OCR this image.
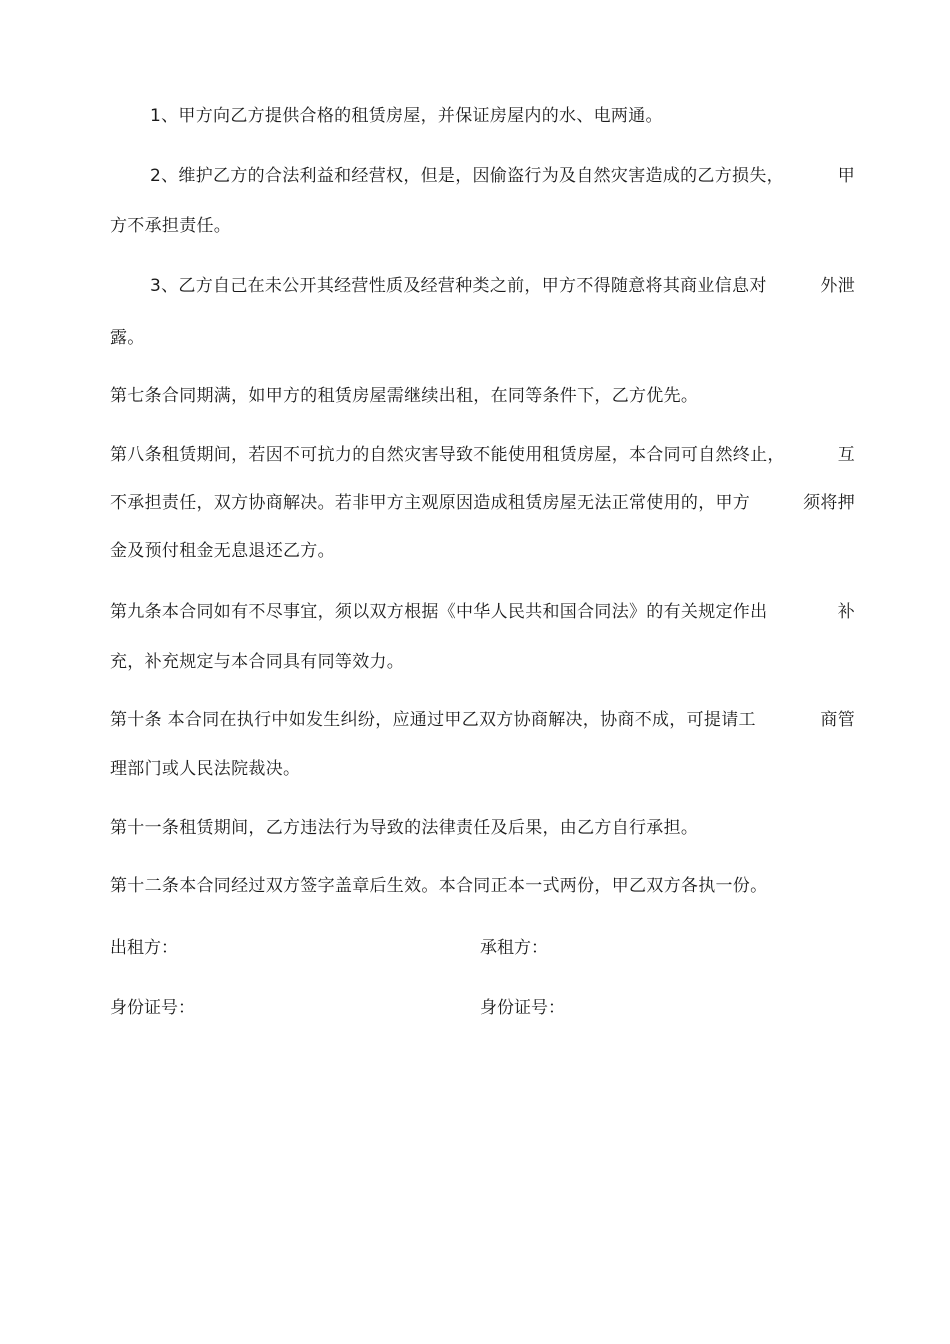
1、甲方向乙方提供合格的租赁房屋，并保证房屋内的水、电两通。
2、维护乙方的合法利益和经营权，但是，因偷盗行为及自然灾害造成的乙方损失，	甲
方不承担责任。
3、乙方自己在未公开其经营性质及经营种类之前，甲方不得随意将其商业信息对	外泄
露。
第七条合同期满，如甲方的租赁房屋需继续出租，在同等条件下，乙方优先。
第八条租赁期间，若因不可抗力的自然灾害导致不能使用租赁房屋，本合同可自然终止，	互
不承担责任，双方协商解决。若非甲方主观原因造成租赁房屋无法正常使用的，甲方	须将押
金及预付租金无息退还乙方。
第九条本合同如有不尽事宜，须以双方根据《中华人民共和国合同法》的有关规定作出	补
充，补充规定与本合同具有同等效力。
第十条 本合同在执行中如发生纠纷，应通过甲乙双方协商解决，协商不成，可提请工	商管
理部门或人民法院裁决。
第十一条租赁期间，乙方违法行为导致的法律责任及后果，由乙方自行承担。
第十二条本合同经过双方签字盖章后生效。本合同正本一式两份，甲乙双方各执一份。
出租方：	承租方：
身份证号：	身份证号：
